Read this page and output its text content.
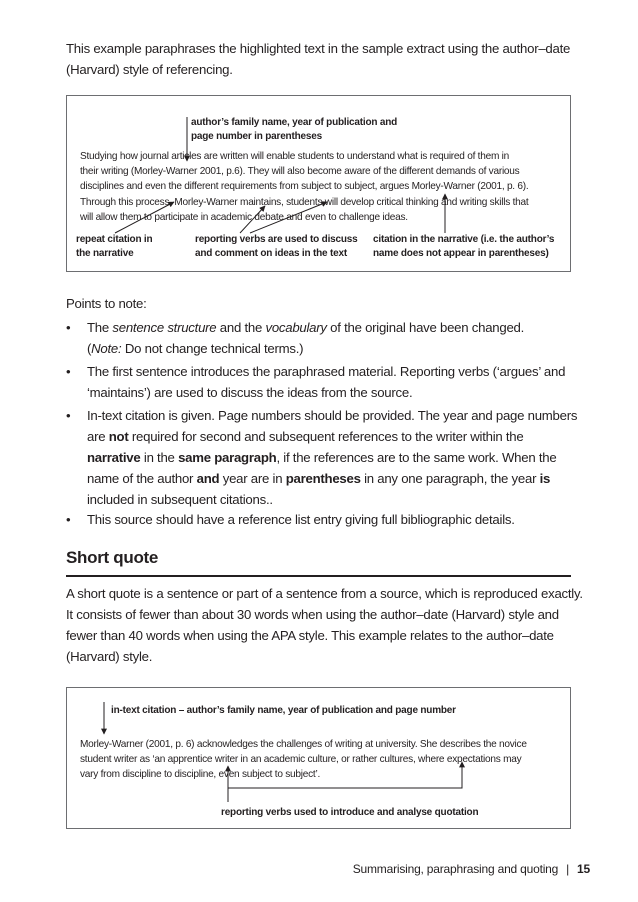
This example paraphrases the highlighted text in the sample extract using the author–date
(Harvard) style of referencing.
author’s family name, year of publication and
page number in parentheses
Studying how journal articles are written will enable students to understand what is required of them in
their writing (Morley-Warner 2001, p.6). They will also become aware of the different demands of various
disciplines and even the different requirements from subject to subject, argues Morley-Warner (2001, p. 6).
Through this process, Morley-Warner maintains, students will develop critical thinking and writing skills that
will allow them to participate in academic debate and even to challenge ideas.
repeat citation in
the narrative
reporting verbs are used to discuss
and comment on ideas in the text
citation in the narrative (i.e. the author’s
name does not appear in parentheses)
Points to note:
•	The sentence structure and the vocabulary of the original have been changed.
(Note: Do not change technical terms.)
•	The first sentence introduces the paraphrased material. Reporting verbs (‘argues’ and
‘maintains’) are used to discuss the ideas from the source.
•	In-text citation is given. Page numbers should be provided. The year and page numbers
are not required for second and subsequent references to the writer within the
narrative in the same paragraph, if the references are to the same work. When the
name of the author and year are in parentheses in any one paragraph, the year is
included in subsequent citations..
•	This source should have a reference list entry giving full bibliographic details.
Short quote
A short quote is a sentence or part of a sentence from a source, which is reproduced exactly.
It consists of fewer than about 30 words when using the author–date (Harvard) style and
fewer than 40 words when using the APA style. This example relates to the author–date
(Harvard) style.
in-text citation – author’s family name, year of publication and page number
Morley-Warner (2001, p. 6) acknowledges the challenges of writing at university. She describes the novice
student writer as ‘an apprentice writer in an academic culture, or rather cultures, where expectations may
vary from discipline to discipline, even subject to subject’.
reporting verbs used to introduce and analyse quotation
Summarising, paraphrasing and quoting | 15
